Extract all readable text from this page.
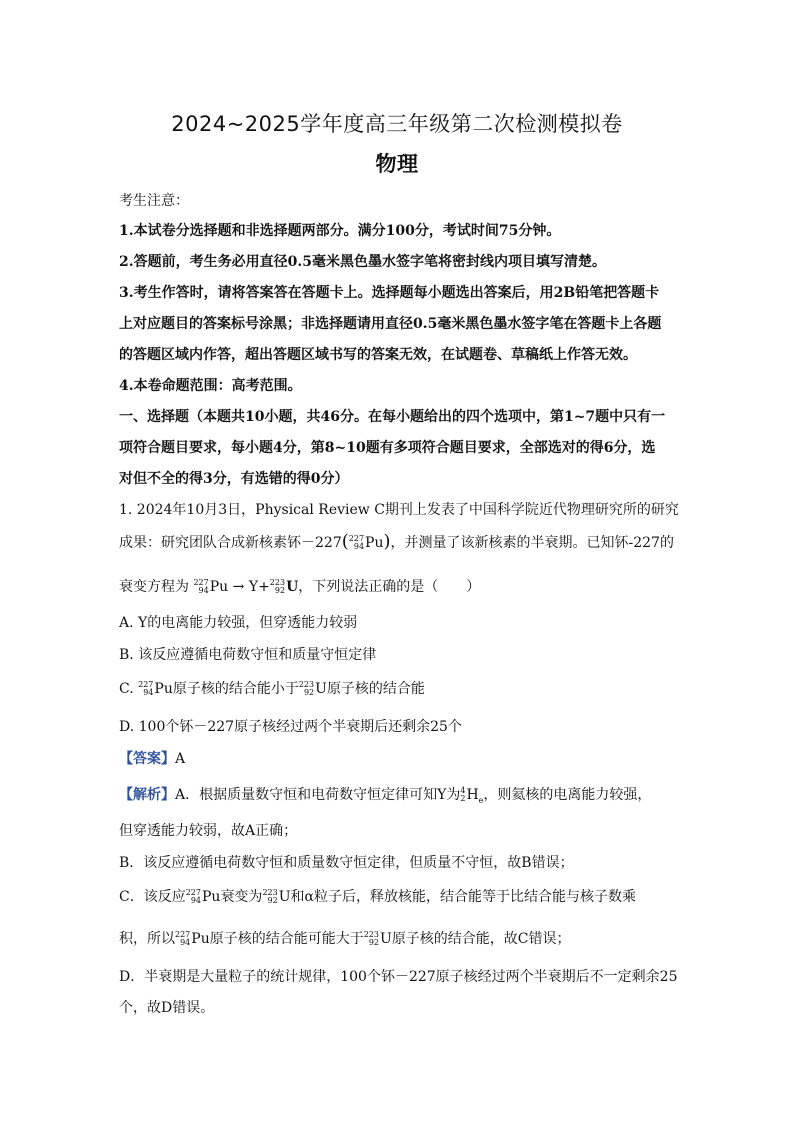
2024~2025学年度高三年级第二次检测模拟卷
物理
考生注意：
1.本试卷分选择题和非选择题两部分。满分100分，考试时间75分钟。
2.答题前，考生务必用直径0.5毫米黑色墨水签字笔将密封线内项目填写清楚。
3.考生作答时，请将答案答在答题卡上。选择题每小题选出答案后，用2B铅笔把答题卡
上对应题目的答案标号涂黑；非选择题请用直径0.5毫米黑色墨水签字笔在答题卡上各题
的答题区域内作答，超出答题区域书写的答案无效，在试题卷、草稿纸上作答无效。
4.本卷命题范围：高考范围。
一、选择题（本题共10小题，共46分。在每小题给出的四个选项中，第1~7题中只有一
项符合题目要求，每小题4分，第8~10题有多项符合题目要求，全部选对的得6分，选
对但不全的得3分，有选错的得0分）
1. 2024年10月3日，Physical Review C期刊上发表了中国科学院近代物理研究所的研究
成果：研究团队合成新核素钚－227( 227
94 Pu)，并测量了该新核素的半衰期。已知钚-227的
衰变方程为 227
94 Pu → Y+ 223
92 U，下列说法正确的是（　　）
A. Y的电离能力较强，但穿透能力较弱
B. 该反应遵循电荷数守恒和质量守恒定律
C. 227
94 Pu原子核的结合能小于 223
92 U原子核的结合能
D. 100个钚－227原子核经过两个半衰期后还剩余25个
【答案】A
【解析】A．根据质量数守恒和电荷数守恒定律可知Y为 4
2 $H_e$，则氦核的电离能力较强，
但穿透能力较弱，故A正确；
B．该反应遵循电荷数守恒和质量数守恒定律，但质量不守恒，故B错误；
C．该反应 227
94 Pu衰变为 223
92 U和α粒子后，释放核能，结合能等于比结合能与核子数乘
积，所以 227
94 Pu原子核的结合能可能大于 223
92 U原子核的结合能，故C错误；
D．半衰期是大量粒子的统计规律，100个钚－227原子核经过两个半衰期后不一定剩余25
个，故D错误。
